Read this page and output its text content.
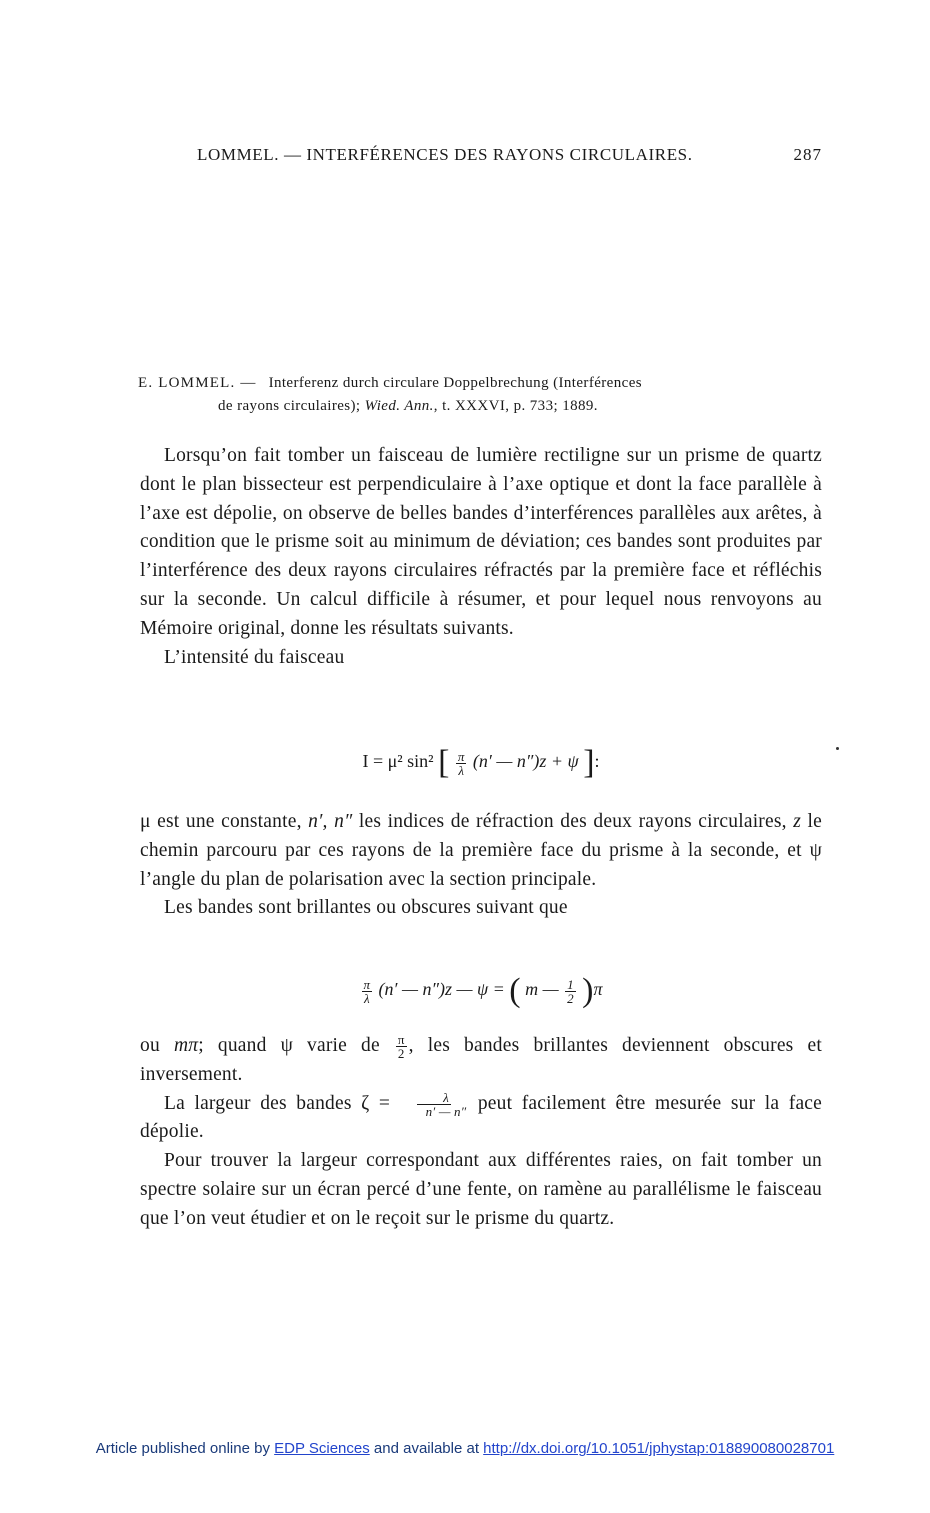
LOMMEL. — INTERFÉRENCES DES RAYONS CIRCULAIRES.	287
E. LOMMEL. — Interferenz durch circulare Doppelbrechung (Interférences
de rayons circulaires); Wied. Ann., t. XXXVI, p. 733; 1889.

Lorsqu’on fait tomber un faisceau de lumière rectiligne sur un prisme de quartz dont le plan bissecteur est perpendiculaire à l’axe optique et dont la face parallèle à l’axe est dépolie, on observe de belles bandes d’interférences parallèles aux arêtes, à condition que le prisme soit au minimum de déviation; ces bandes sont produites par l’interférence des deux rayons circulaires réfractés par la première face et réfléchis sur la seconde. Un calcul difficile à résumer, et pour lequel nous renvoyons au Mémoire original, donne les résultats suivants.

L’intensité du faisceau

I = μ² sin² [ $\frac{\pi}{\lambda} (n'$ — n″)z + ψ ]:

μ est une constante, n′, n″ les indices de réfraction des deux rayons circulaires, z le chemin parcouru par ces rayons de la première face du prisme à la seconde, et ψ l’angle du plan de polarisation avec la section principale.

Les bandes sont brillantes ou obscures suivant que

$\frac{\pi}{\lambda} (n'$ — n″)z — ψ = ( m — $\frac{1}{2} )\pi$

ou mπ; quand ψ varie de $\frac{\pi}{2}$ , les bandes brillantes deviennent obscures et inversement.

La largeur des bandes $\zeta = \frac{\lambda}{n' — n''}$ peut facilement être mesurée sur la face dépolie.

Pour trouver la largeur correspondant aux différentes raies, on fait tomber un spectre solaire sur un écran percé d’une fente, on ramène au parallélisme le faisceau que l’on veut étudier et on le reçoit sur le prisme du quartz.

Article published online by EDP Sciences and available at http://dx.doi.org/10.1051/jphystap:018890080028701
